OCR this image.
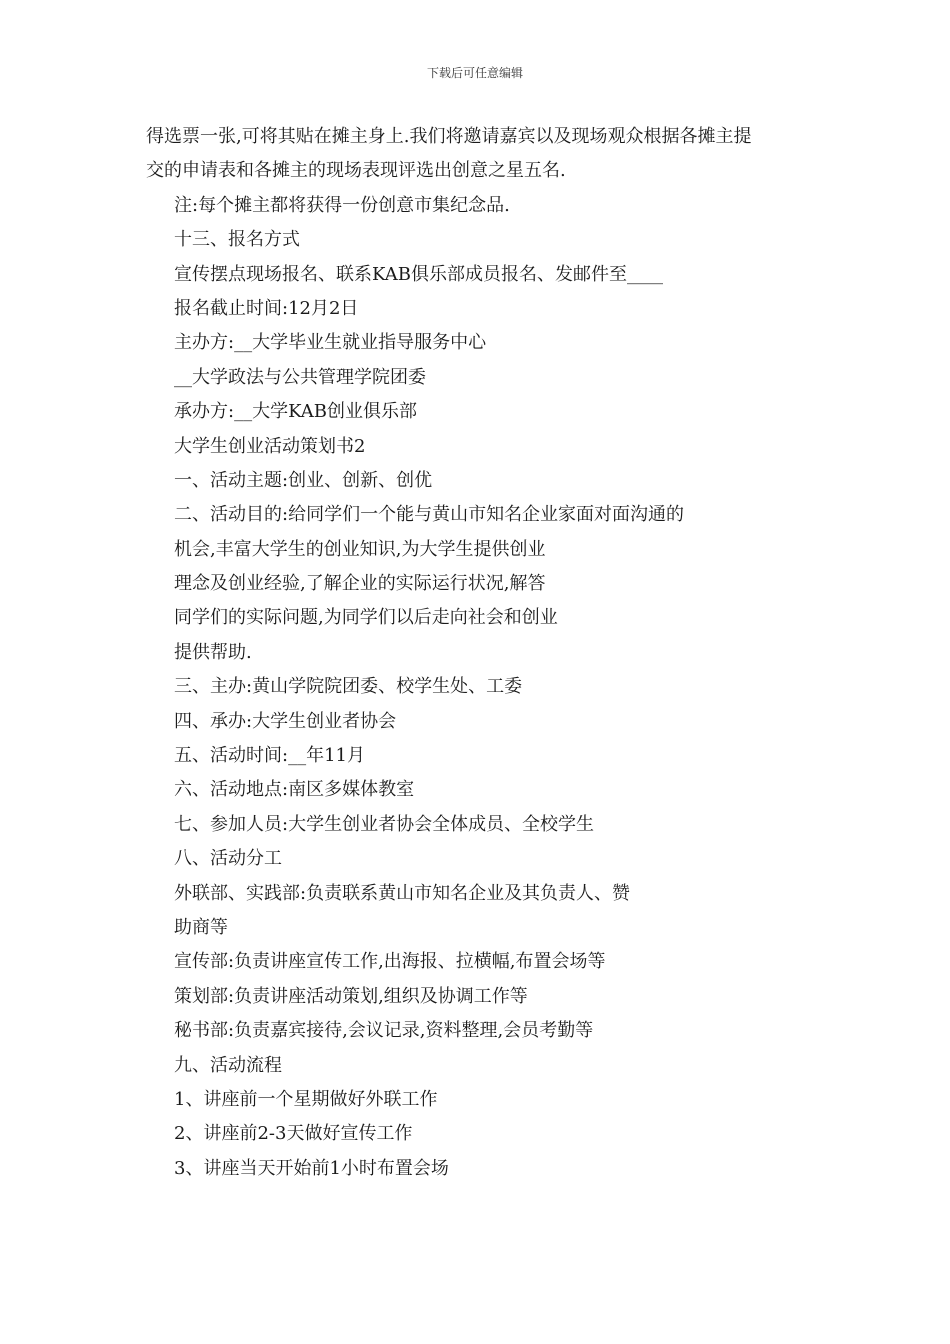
下载后可任意编辑
得选票一张,可将其贴在摊主身上.我们将邀请嘉宾以及现场观众根据各摊主提
交的申请表和各摊主的现场表现评选出创意之星五名.
注:每个摊主都将获得一份创意市集纪念品.
十三、报名方式
宣传摆点现场报名、联系KAB俱乐部成员报名、发邮件至____
报名截止时间:12月2日
主办方:__大学毕业生就业指导服务中心
__大学政法与公共管理学院团委
承办方:__大学KAB创业俱乐部
大学生创业活动策划书2
一、活动主题:创业、创新、创优
二、活动目的:给同学们一个能与黄山市知名企业家面对面沟通的
机会,丰富大学生的创业知识,为大学生提供创业
理念及创业经验,了解企业的实际运行状况,解答
同学们的实际问题,为同学们以后走向社会和创业
提供帮助.
三、主办:黄山学院院团委、校学生处、工委
四、承办:大学生创业者协会
五、活动时间:__年11月
六、活动地点:南区多媒体教室
七、参加人员:大学生创业者协会全体成员、全校学生
八、活动分工
外联部、实践部:负责联系黄山市知名企业及其负责人、赞
助商等
宣传部:负责讲座宣传工作,出海报、拉横幅,布置会场等
策划部:负责讲座活动策划,组织及协调工作等
秘书部:负责嘉宾接待,会议记录,资料整理,会员考勤等
九、活动流程
1、讲座前一个星期做好外联工作
2、讲座前2-3天做好宣传工作
3、讲座当天开始前1小时布置会场
